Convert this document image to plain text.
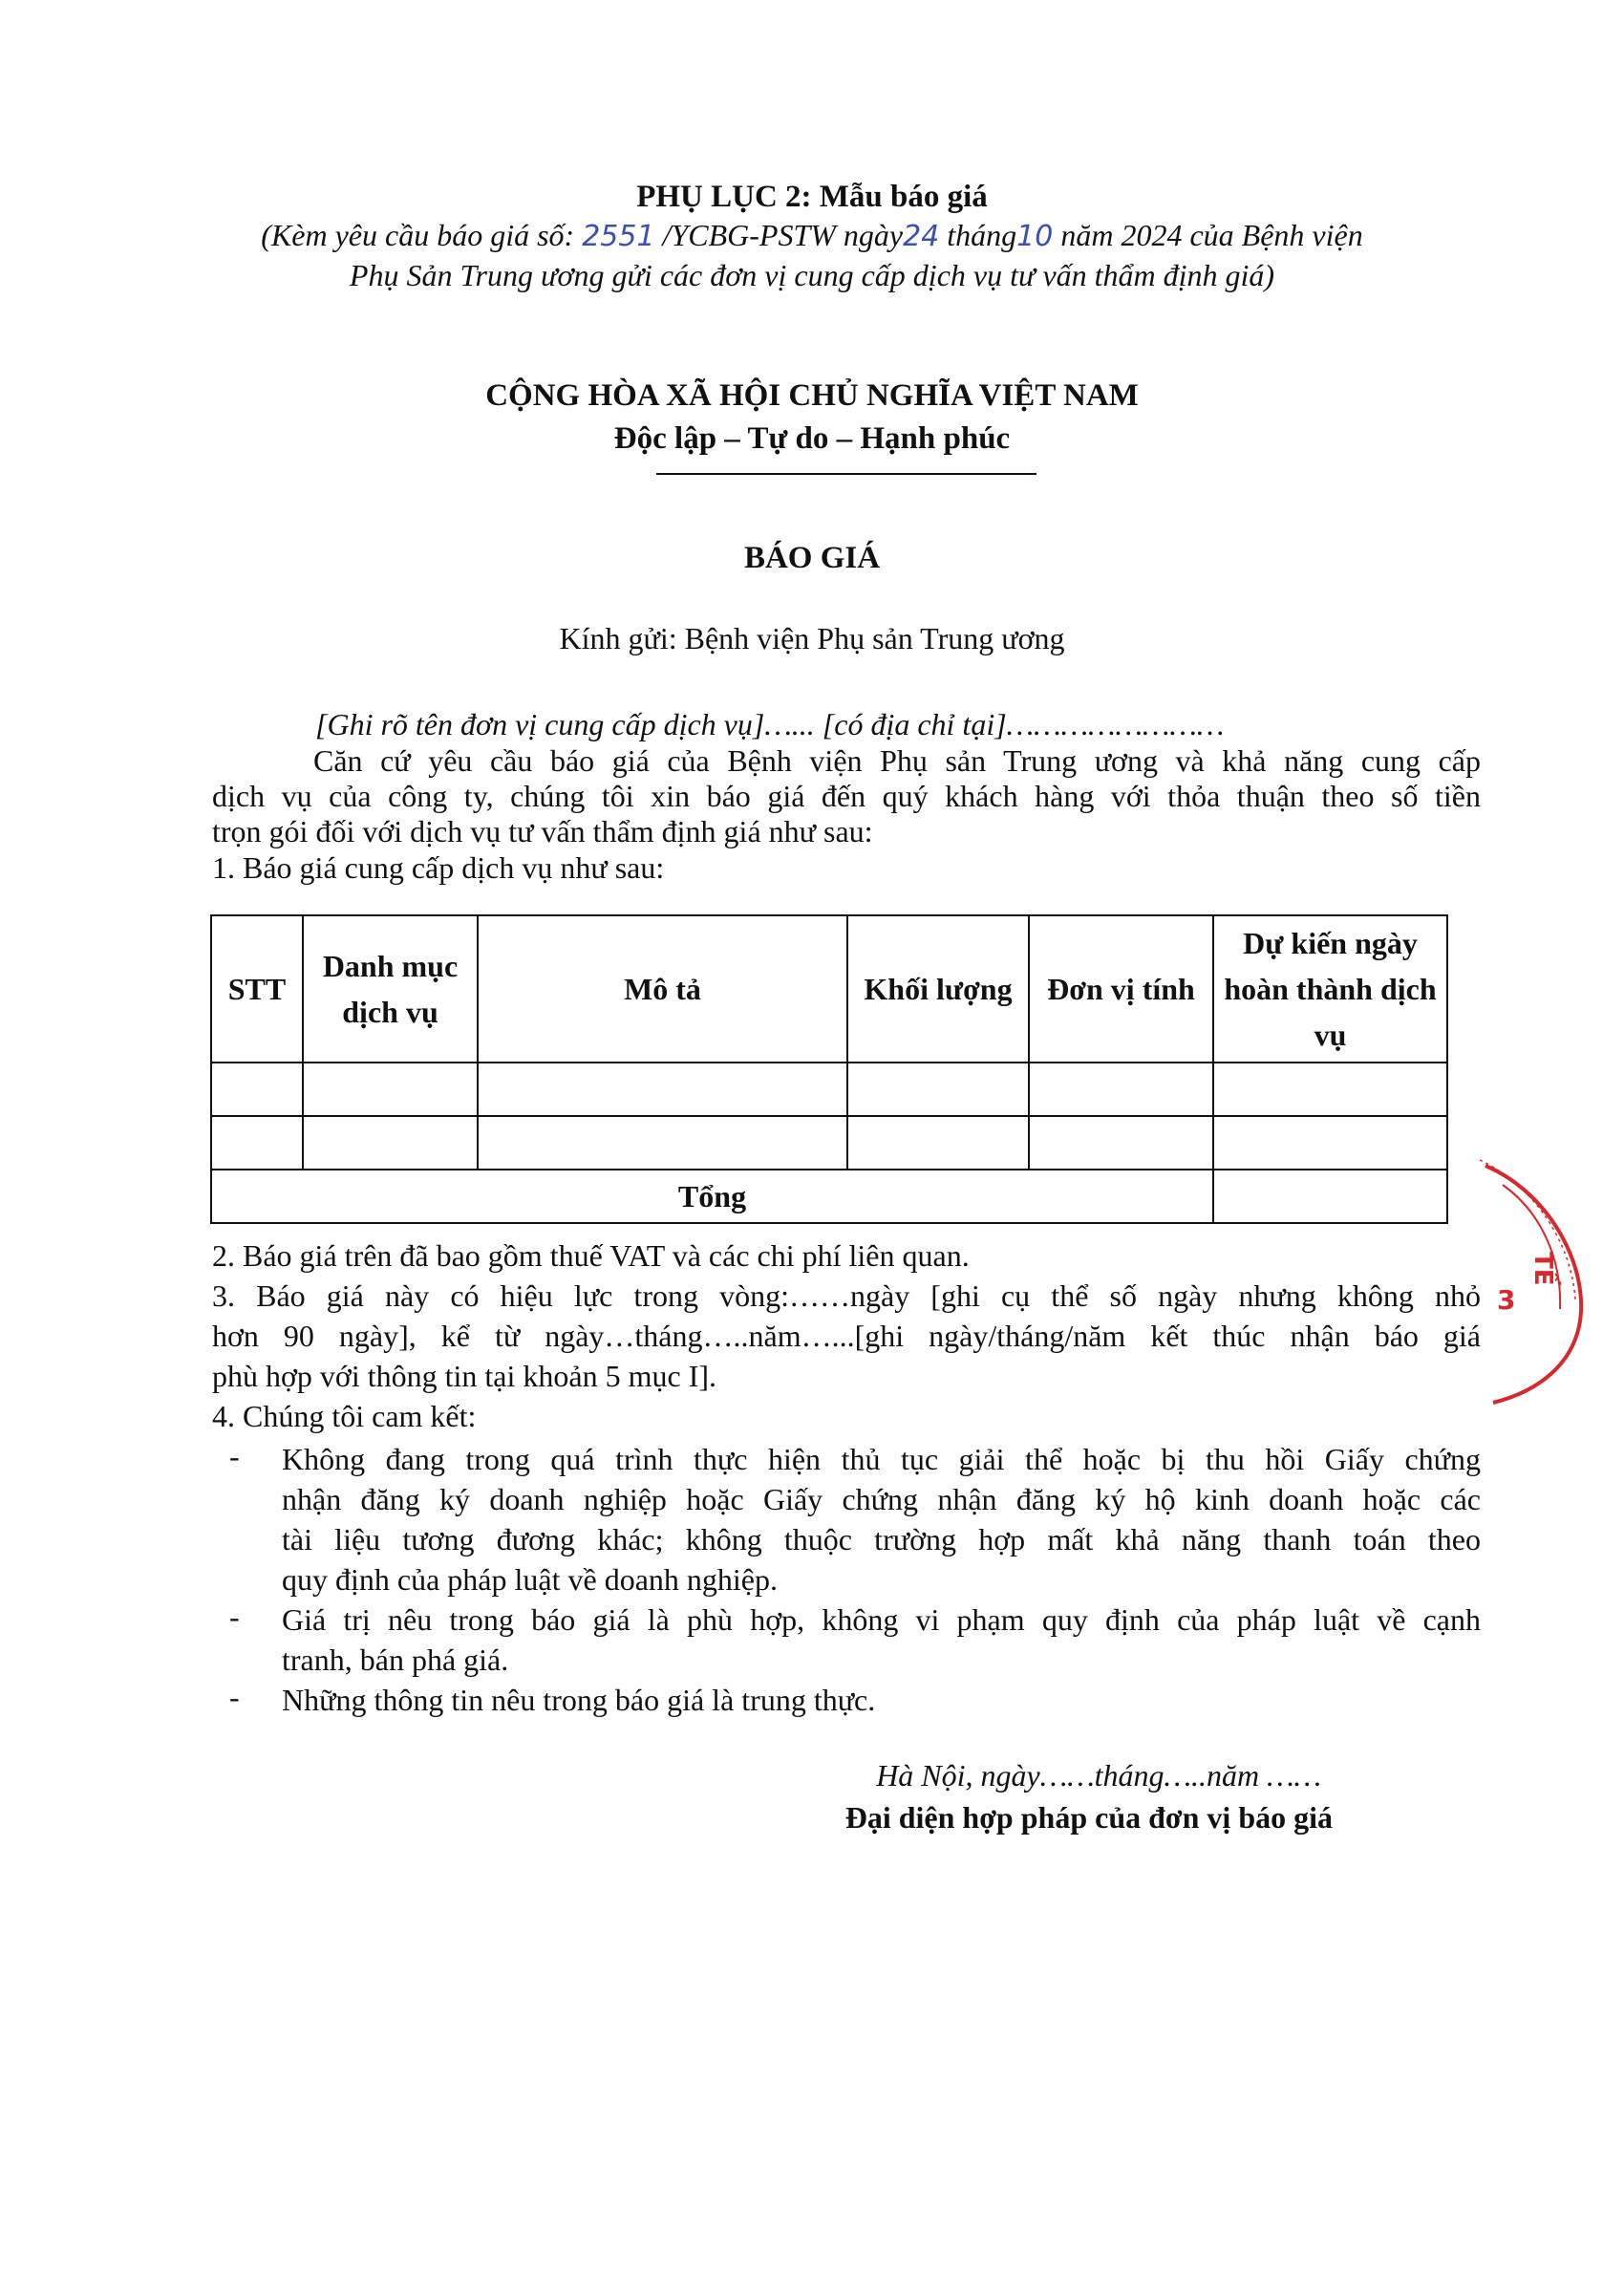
PHỤ LỤC 2: Mẫu báo giá
(Kèm yêu cầu báo giá số: 2551 /YCBG-PSTW ngày24 tháng10 năm 2024 của Bệnh viện
Phụ Sản Trung ương gửi các đơn vị cung cấp dịch vụ tư vấn thẩm định giá)
CỘNG HÒA XÃ HỘI CHỦ NGHĨA VIỆT NAM
Độc lập – Tự do – Hạnh phúc
BÁO GIÁ
Kính gửi: Bệnh viện Phụ sản Trung ương
[Ghi rõ tên đơn vị cung cấp dịch vụ]…... [có địa chỉ tại]……………………
Căn cứ yêu cầu báo giá của Bệnh viện Phụ sản Trung ương và khả năng cung cấp
dịch vụ của công ty, chúng tôi xin báo giá đến quý khách hàng với thỏa thuận theo số tiền
trọn gói đối với dịch vụ tư vấn thẩm định giá như sau:
1. Báo giá cung cấp dịch vụ như sau:
STT	Danh mục dịch vụ	Mô tả	Khối lượng	Đơn vị tính	Dự kiến ngày hoàn thành dịch vụ

Tổng					
2. Báo giá trên đã bao gồm thuế VAT và các chi phí liên quan.
3. Báo giá này có hiệu lực trong vòng:……ngày [ghi cụ thể số ngày nhưng không nhỏ
hơn 90 ngày], kể từ ngày…tháng…..năm…...[ghi ngày/tháng/năm kết thúc nhận báo giá
phù hợp với thông tin tại khoản 5 mục I].
4. Chúng tôi cam kết:
- Không đang trong quá trình thực hiện thủ tục giải thể hoặc bị thu hồi Giấy chứng
nhận đăng ký doanh nghiệp hoặc Giấy chứng nhận đăng ký hộ kinh doanh hoặc các
tài liệu tương đương khác; không thuộc trường hợp mất khả năng thanh toán theo
quy định của pháp luật về doanh nghiệp.
- Giá trị nêu trong báo giá là phù hợp, không vi phạm quy định của pháp luật về cạnh
tranh, bán phá giá.
- Những thông tin nêu trong báo giá là trung thực.
Hà Nội, ngày……tháng…..năm ……
Đại diện hợp pháp của đơn vị báo giá
TẾ
3
